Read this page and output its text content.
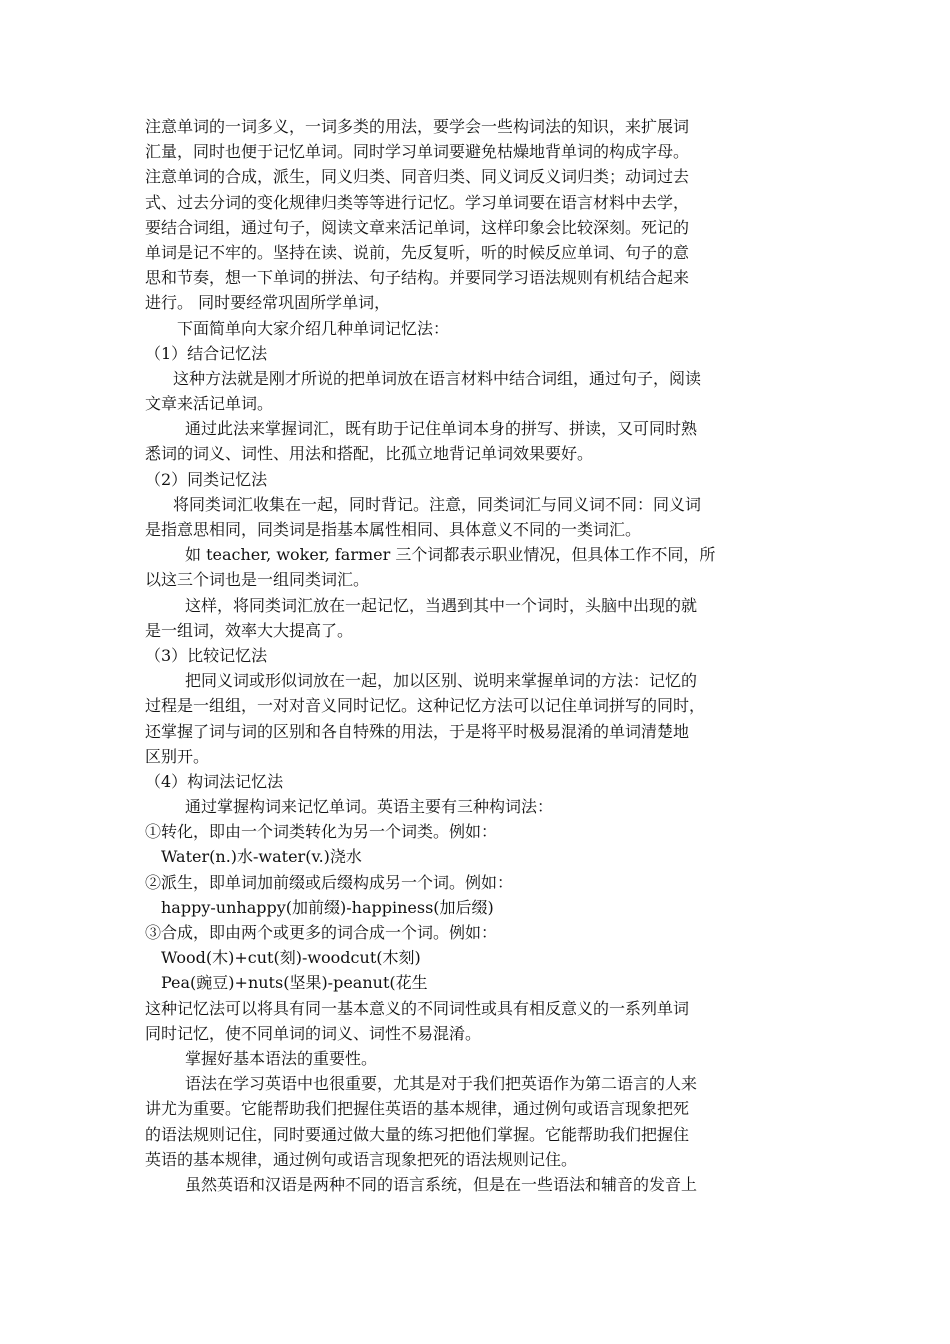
注意单词的一词多义，一词多类的用法，要学会一些构词法的知识，来扩展词
汇量，同时也便于记忆单词。同时学习单词要避免枯燥地背单词的构成字母。
注意单词的合成，派生，同义归类、同音归类、同义词反义词归类；动词过去
式、过去分词的变化规律归类等等进行记忆。学习单词要在语言材料中去学，
要结合词组，通过句子，阅读文章来活记单词，这样印象会比较深刻。死记的
单词是记不牢的。坚持在读、说前，先反复听，听的时候反应单词、句子的意
思和节奏，想一下单词的拼法、句子结构。并要同学习语法规则有机结合起来
进行。 同时要经常巩固所学单词，
下面简单向大家介绍几种单词记忆法：
（1）结合记忆法
这种方法就是刚才所说的把单词放在语言材料中结合词组，通过句子，阅读
文章来活记单词。
通过此法来掌握词汇，既有助于记住单词本身的拼写、拼读，又可同时熟
悉词的词义、词性、用法和搭配，比孤立地背记单词效果要好。
（2）同类记忆法
将同类词汇收集在一起，同时背记。注意，同类词汇与同义词不同：同义词
是指意思相同，同类词是指基本属性相同、具体意义不同的一类词汇。
如 teacher, woker, farmer 三个词都表示职业情况，但具体工作不同，所
以这三个词也是一组同类词汇。
这样，将同类词汇放在一起记忆，当遇到其中一个词时，头脑中出现的就
是一组词，效率大大提高了。
（3）比较记忆法
把同义词或形似词放在一起，加以区别、说明来掌握单词的方法：记忆的
过程是一组组，一对对音义同时记忆。这种记忆方法可以记住单词拼写的同时，
还掌握了词与词的区别和各自特殊的用法，于是将平时极易混淆的单词清楚地
区别开。
（4）构词法记忆法
通过掌握构词来记忆单词。英语主要有三种构词法：
①转化，即由一个词类转化为另一个词类。例如：
Water(n.)水-water(v.)浇水
②派生，即单词加前缀或后缀构成另一个词。例如：
happy-unhappy(加前缀)-happiness(加后缀)
③合成，即由两个或更多的词合成一个词。例如：
Wood(木)+cut(刻)-woodcut(木刻)
Pea(豌豆)+nuts(坚果)-peanut(花生
这种记忆法可以将具有同一基本意义的不同词性或具有相反意义的一系列单词
同时记忆，使不同单词的词义、词性不易混淆。
掌握好基本语法的重要性。
语法在学习英语中也很重要，尤其是对于我们把英语作为第二语言的人来
讲尤为重要。它能帮助我们把握住英语的基本规律，通过例句或语言现象把死
的语法规则记住，同时要通过做大量的练习把他们掌握。它能帮助我们把握住
英语的基本规律，通过例句或语言现象把死的语法规则记住。
虽然英语和汉语是两种不同的语言系统，但是在一些语法和辅音的发音上
